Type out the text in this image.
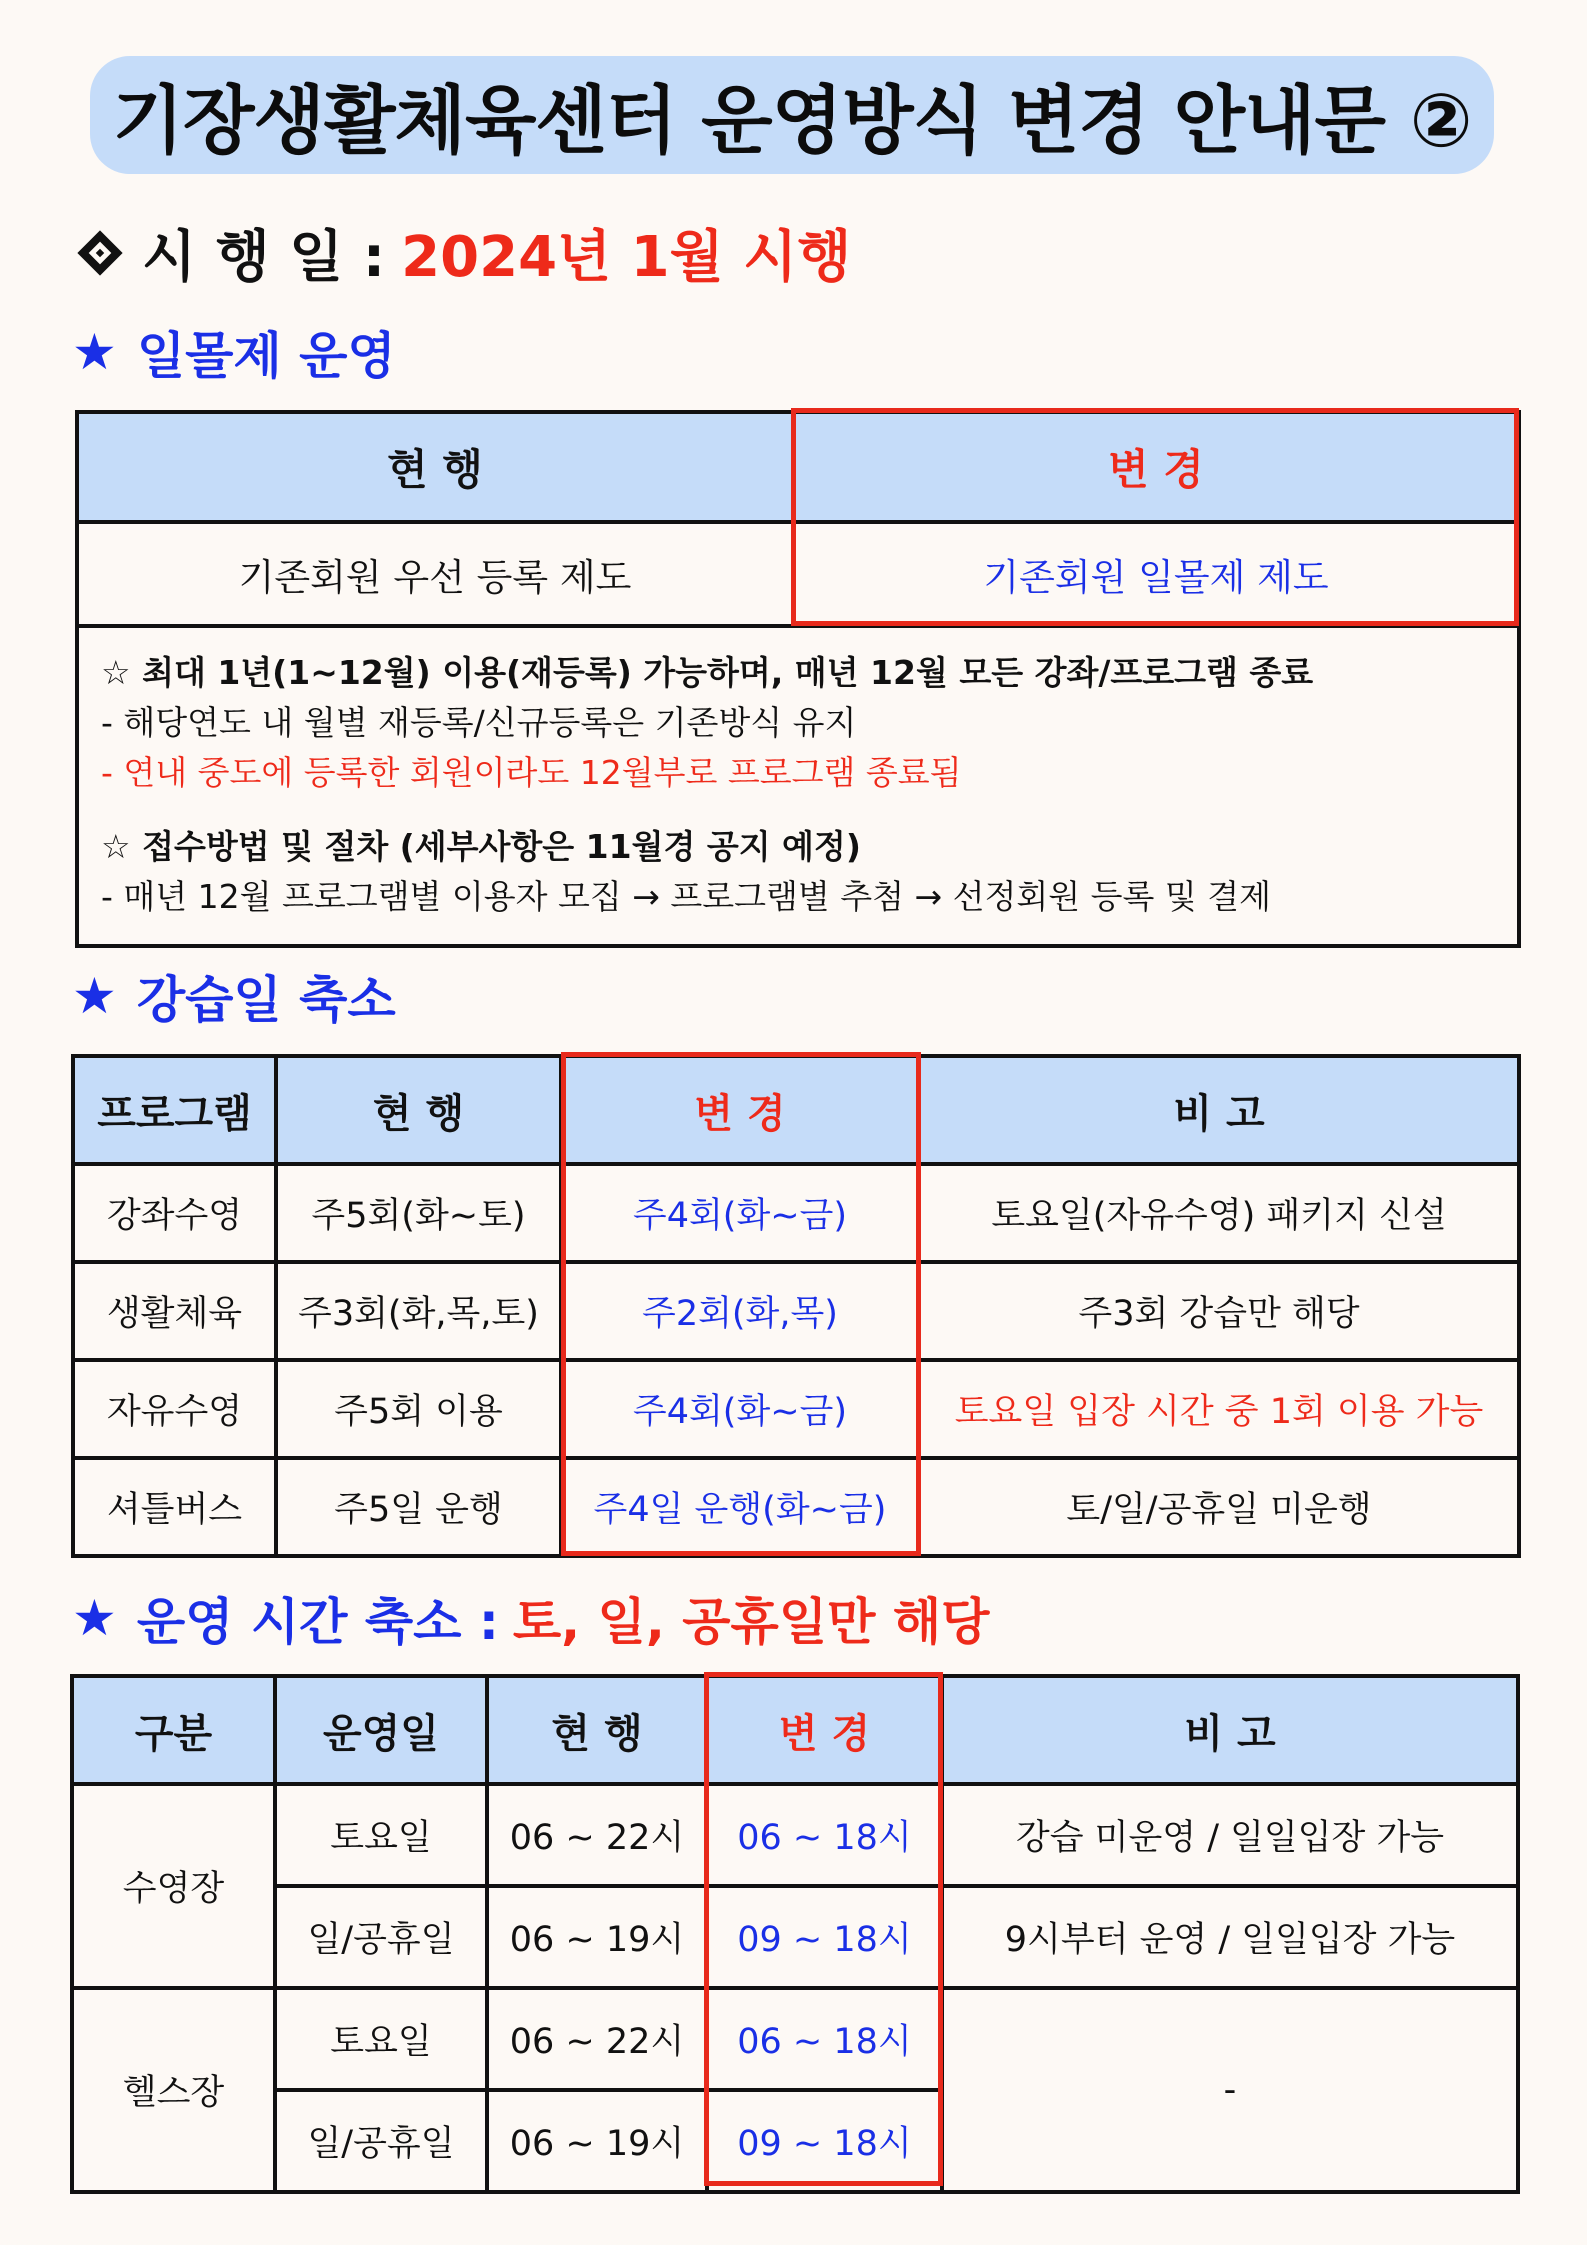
기장생활체육센터 운영방식 변경 안내문 ②
시 행 일 : 2024년 1월 시행
★ 일몰제 운영
현 행	변 경
기존회원 우선 등록 제도	기존회원 일몰제 제도

☆ 최대 1년(1~12월) 이용(재등록) 가능하며, 매년 12월 모든 강좌/프로그램 종료
- 해당연도 내 월별 재등록/신규등록은 기존방식 유지
- 연내 중도에 등록한 회원이라도 12월부로 프로그램 종료됨
☆ 접수방법 및 절차 (세부사항은 11월경 공지 예정)
- 매년 12월 프로그램별 이용자 모집 → 프로그램별 추첨 → 선정회원 등록 및 결제	
★ 강습일 축소
프로그램	현 행	변 경	비 고
강좌수영	주5회(화~토)	주4회(화~금)	토요일(자유수영) 패키지 신설
생활체육	주3회(화,목,토)	주2회(화,목)	주3회 강습만 해당
자유수영	주5회 이용	주4회(화~금)	토요일 입장 시간 중 1회 이용 가능
셔틀버스	주5일 운행	주4일 운행(화~금)	토/일/공휴일 미운행
★ 운영 시간 축소 : 토, 일, 공휴일만 해당
구분	운영일	현 행	변 경	비 고
수영장	토요일	06 ~ 22시	06 ~ 18시	강습 미운영 / 일일입장 가능
	일/공휴일	06 ~ 19시	09 ~ 18시	9시부터 운영 / 일일입장 가능
헬스장	토요일	06 ~ 22시	06 ~ 18시	-
	일/공휴일	06 ~ 19시	09 ~ 18시	
